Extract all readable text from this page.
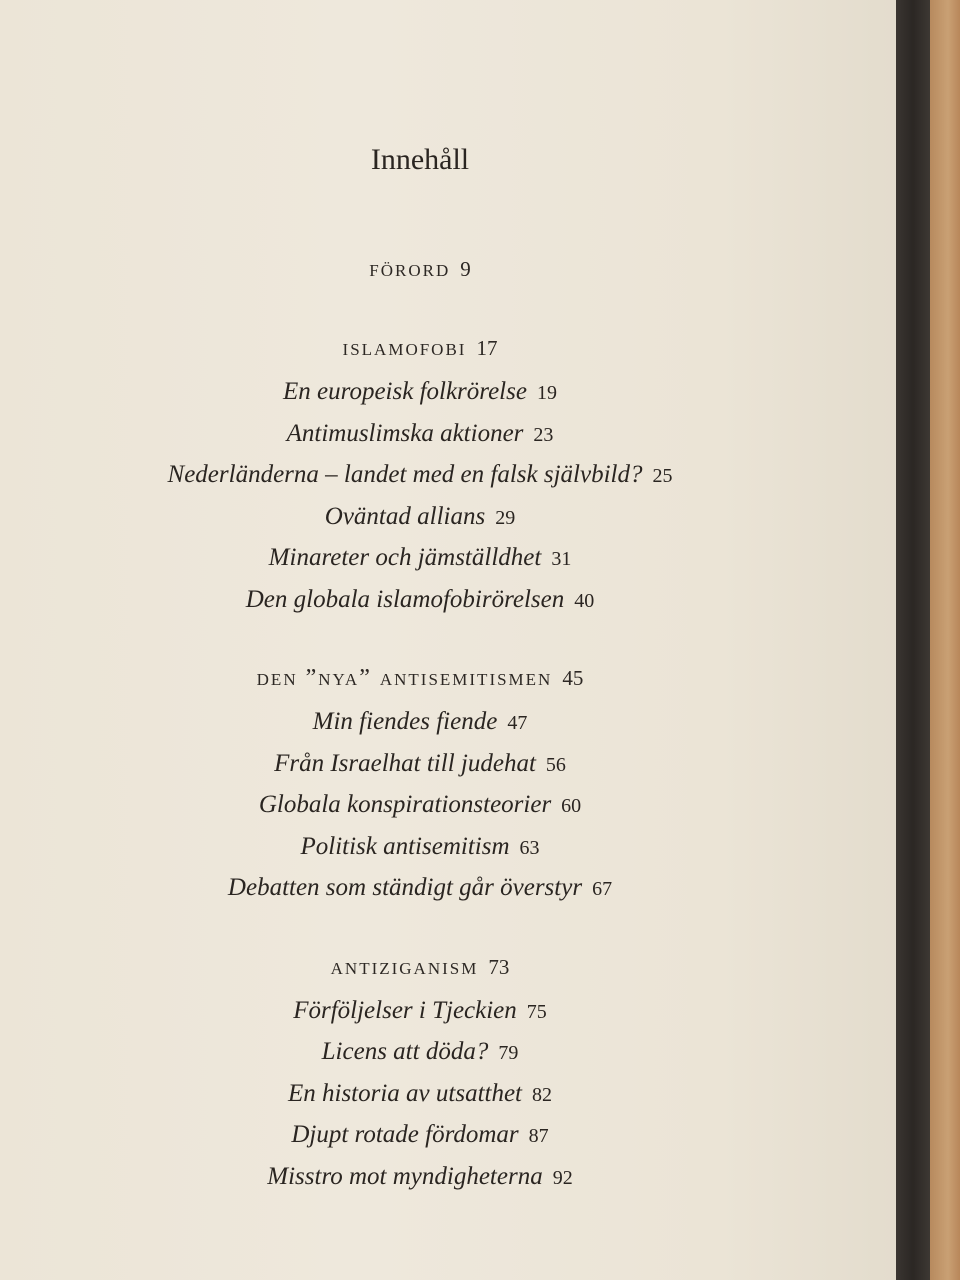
Innehåll
förord 9
islamofobi 17
En europeisk folkrörelse 19
Antimuslimska aktioner 23
Nederländerna – landet med en falsk självbild? 25
Oväntad allians 29
Minareter och jämställdhet 31
Den globala islamofobirörelsen 40
den ”nya” antisemitismen 45
Min fiendes fiende 47
Från Israelhat till judehat 56
Globala konspirationsteorier 60
Politisk antisemitism 63
Debatten som ständigt går överstyr 67
antiziganism 73
Förföljelser i Tjeckien 75
Licens att döda? 79
En historia av utsatthet 82
Djupt rotade fördomar 87
Misstro mot myndigheterna 92
